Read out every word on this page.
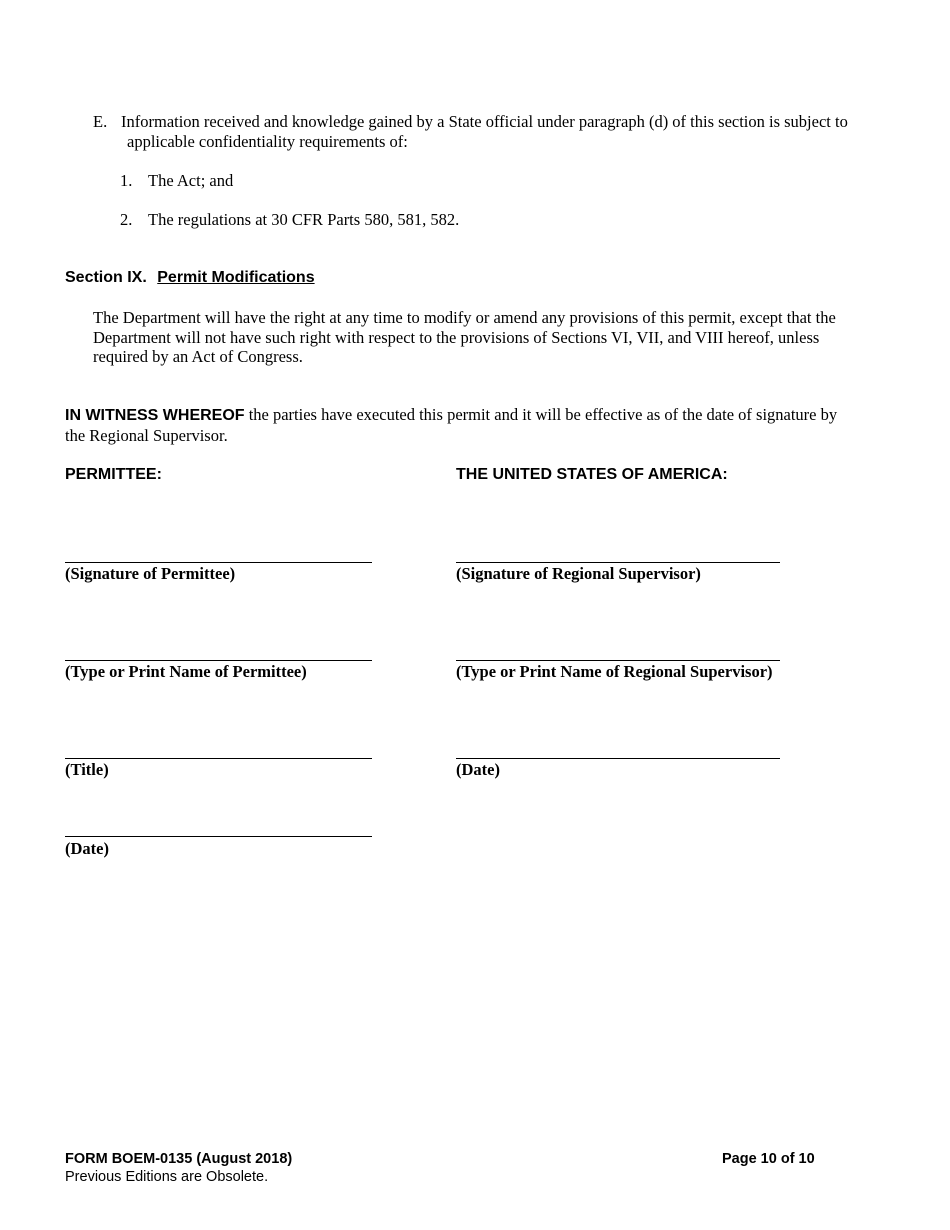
E. Information received and knowledge gained by a State official under paragraph (d) of this section is subject to
applicable confidentiality requirements of:
1. The Act; and
2. The regulations at 30 CFR Parts 580, 581, 582.
Section IX. Permit Modifications
The Department will have the right at any time to modify or amend any provisions of this permit, except that the
Department will not have such right with respect to the provisions of Sections VI, VII, and VIII hereof, unless
required by an Act of Congress.
IN WITNESS WHEREOF the parties have executed this permit and it will be effective as of the date of signature by
the Regional Supervisor.
PERMITTEE:	THE UNITED STATES OF AMERICA:
(Signature of Permittee)
(Type or Print Name of Permittee)
(Title)
(Date)
(Signature of Regional Supervisor)
(Type or Print Name of Regional Supervisor)
(Date)
FORM BOEM-0135 (August 2018)
Previous Editions are Obsolete.
Page 10 of 10
